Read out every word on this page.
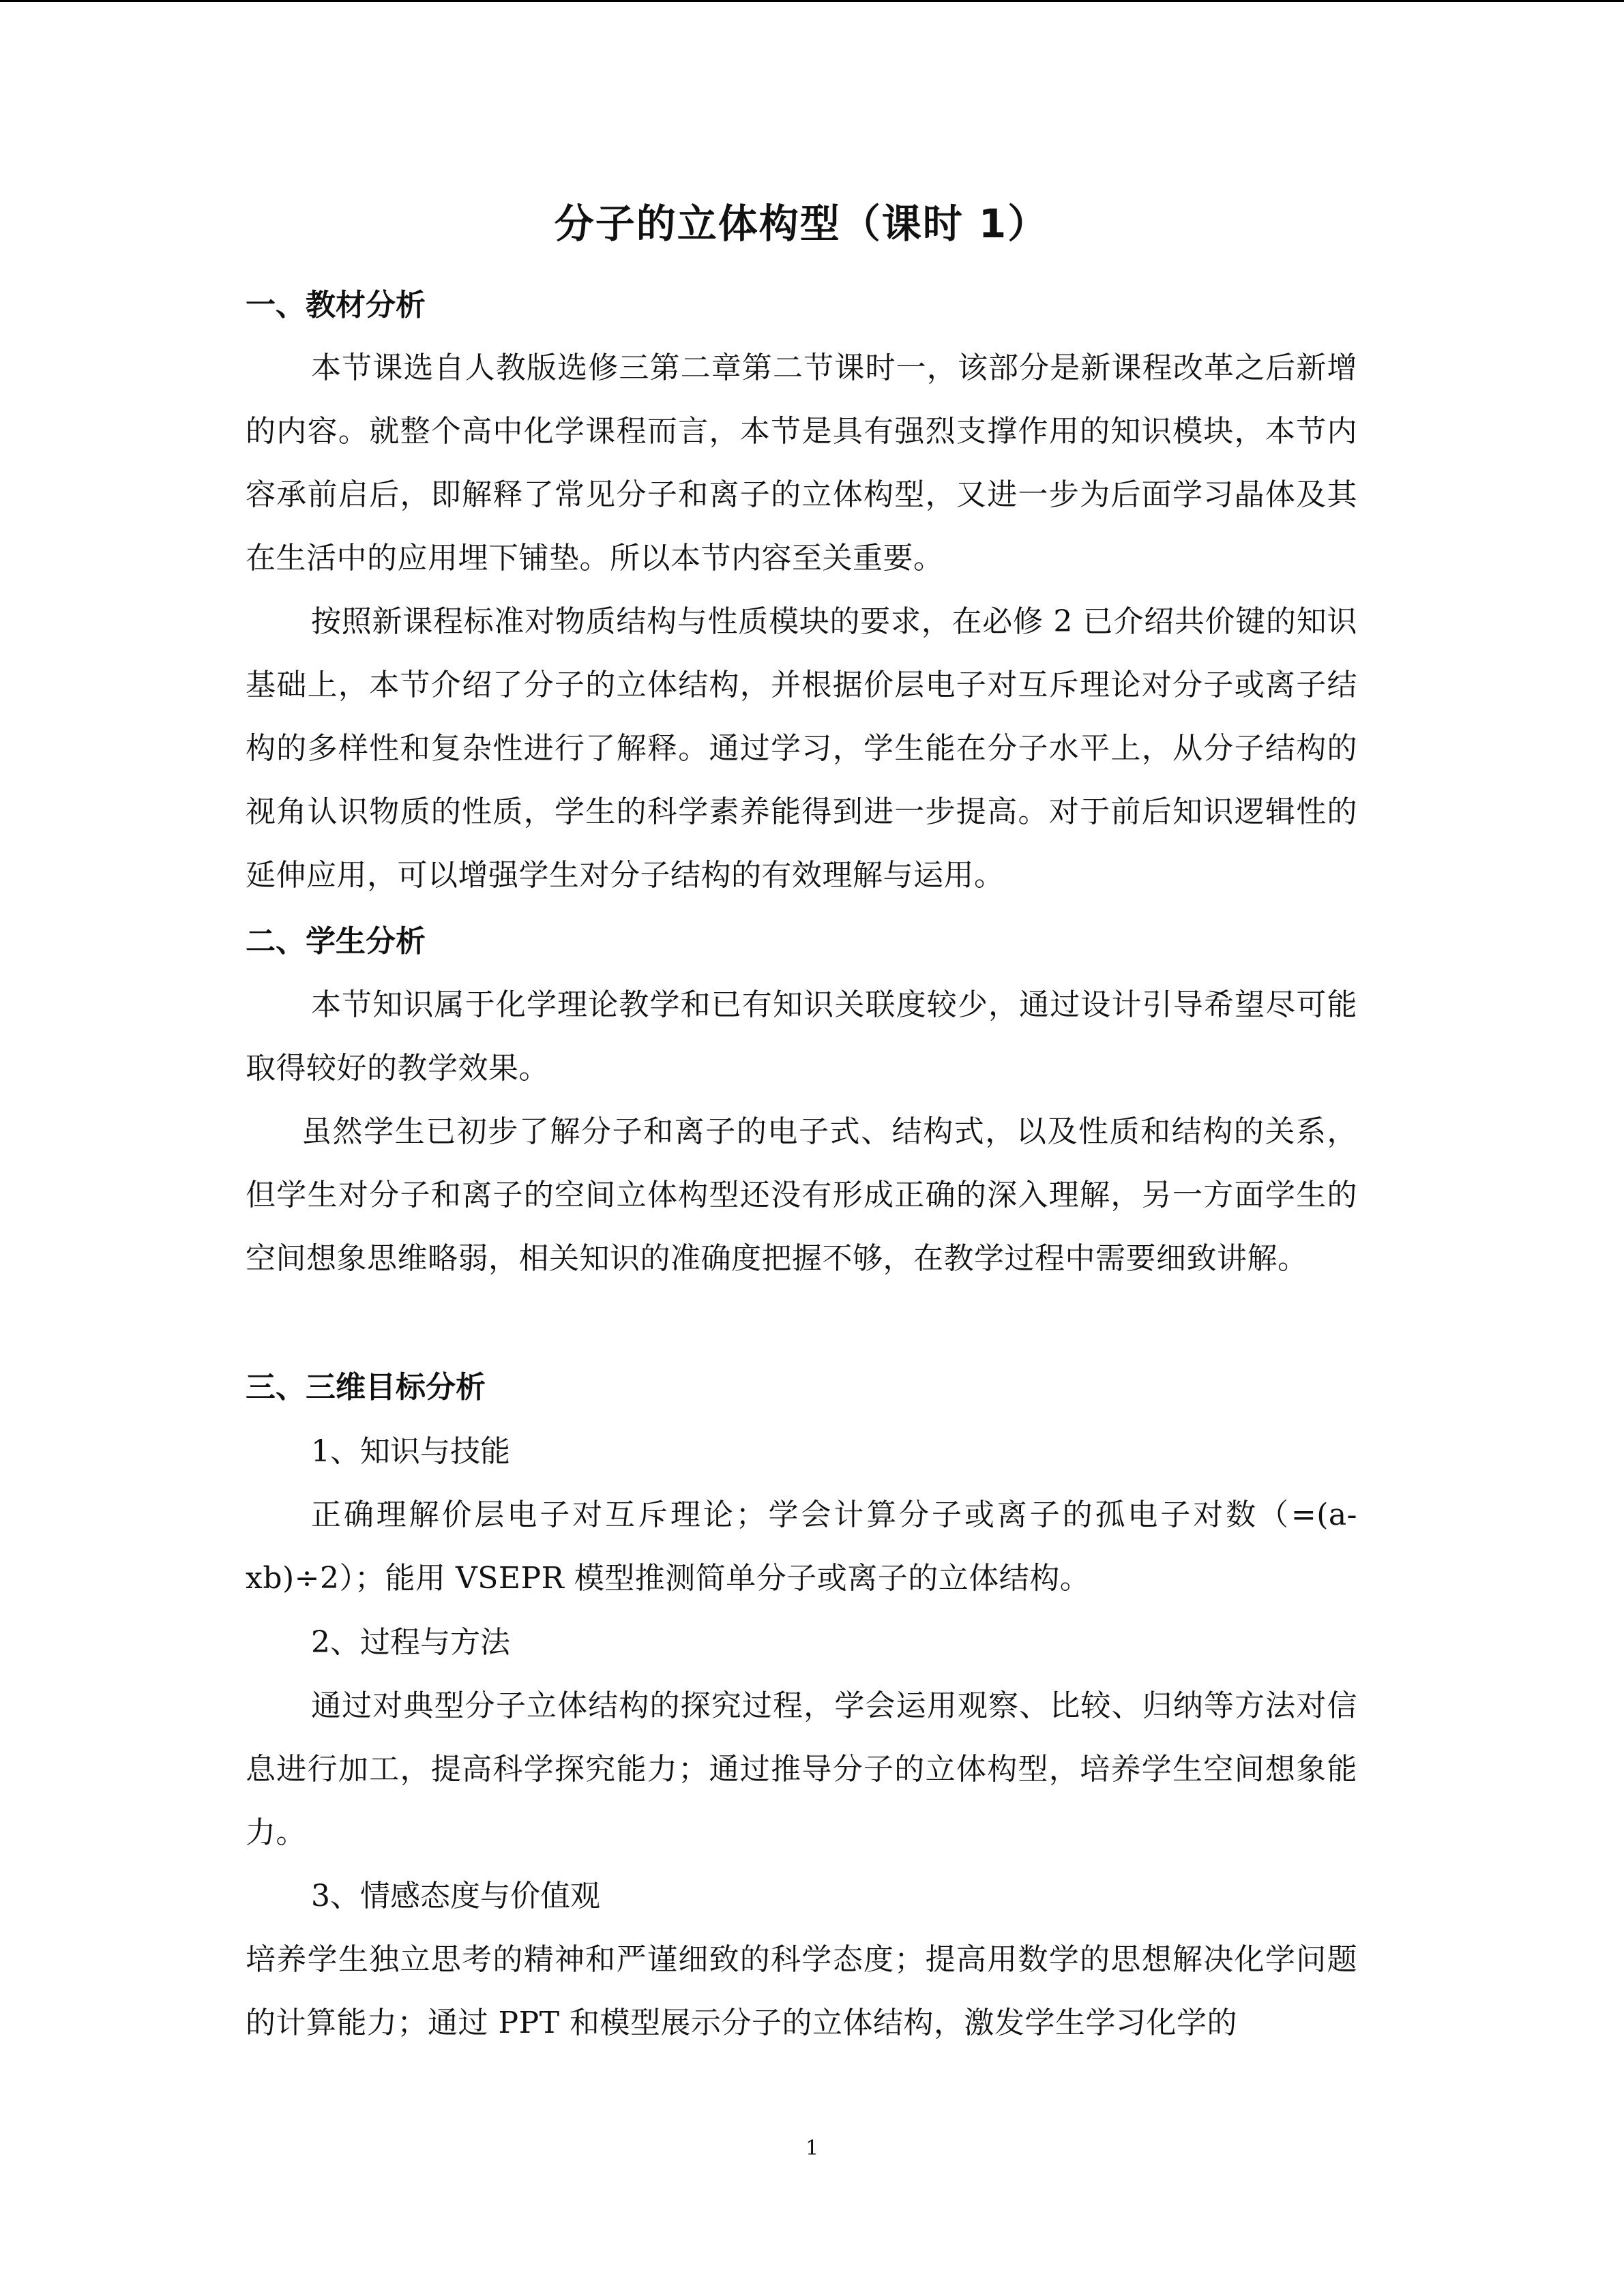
分子的立体构型（课时 1）
一、教材分析

本节课选自人教版选修三第二章第二节课时一，该部分是新课程改革之后新增的内容。就整个高中化学课程而言，本节是具有强烈支撑作用的知识模块，本节内容承前启后，即解释了常见分子和离子的立体构型，又进一步为后面学习晶体及其在生活中的应用埋下铺垫。所以本节内容至关重要。

按照新课程标准对物质结构与性质模块的要求，在必修 2 已介绍共价键的知识基础上，本节介绍了分子的立体结构，并根据价层电子对互斥理论对分子或离子结构的多样性和复杂性进行了解释。通过学习，学生能在分子水平上，从分子结构的视角认识物质的性质，学生的科学素养能得到进一步提高。对于前后知识逻辑性的延伸应用，可以增强学生对分子结构的有效理解与运用。

二、学生分析

本节知识属于化学理论教学和已有知识关联度较少，通过设计引导希望尽可能取得较好的教学效果。

虽然学生已初步了解分子和离子的电子式、结构式，以及性质和结构的关系，但学生对分子和离子的空间立体构型还没有形成正确的深入理解，另一方面学生的空间想象思维略弱，相关知识的准确度把握不够，在教学过程中需要细致讲解。

三、三维目标分析

1、知识与技能

正确理解价层电子对互斥理论；学会计算分子或离子的孤电子对数（=(a-xb)÷2）；能用 VSEPR 模型推测简单分子或离子的立体结构。

2、过程与方法

通过对典型分子立体结构的探究过程，学会运用观察、比较、归纳等方法对信息进行加工，提高科学探究能力；通过推导分子的立体构型，培养学生空间想象能力。

3、情感态度与价值观

培养学生独立思考的精神和严谨细致的科学态度；提高用数学的思想解决化学问题的计算能力；通过 PPT 和模型展示分子的立体结构，激发学生学习化学的

1
